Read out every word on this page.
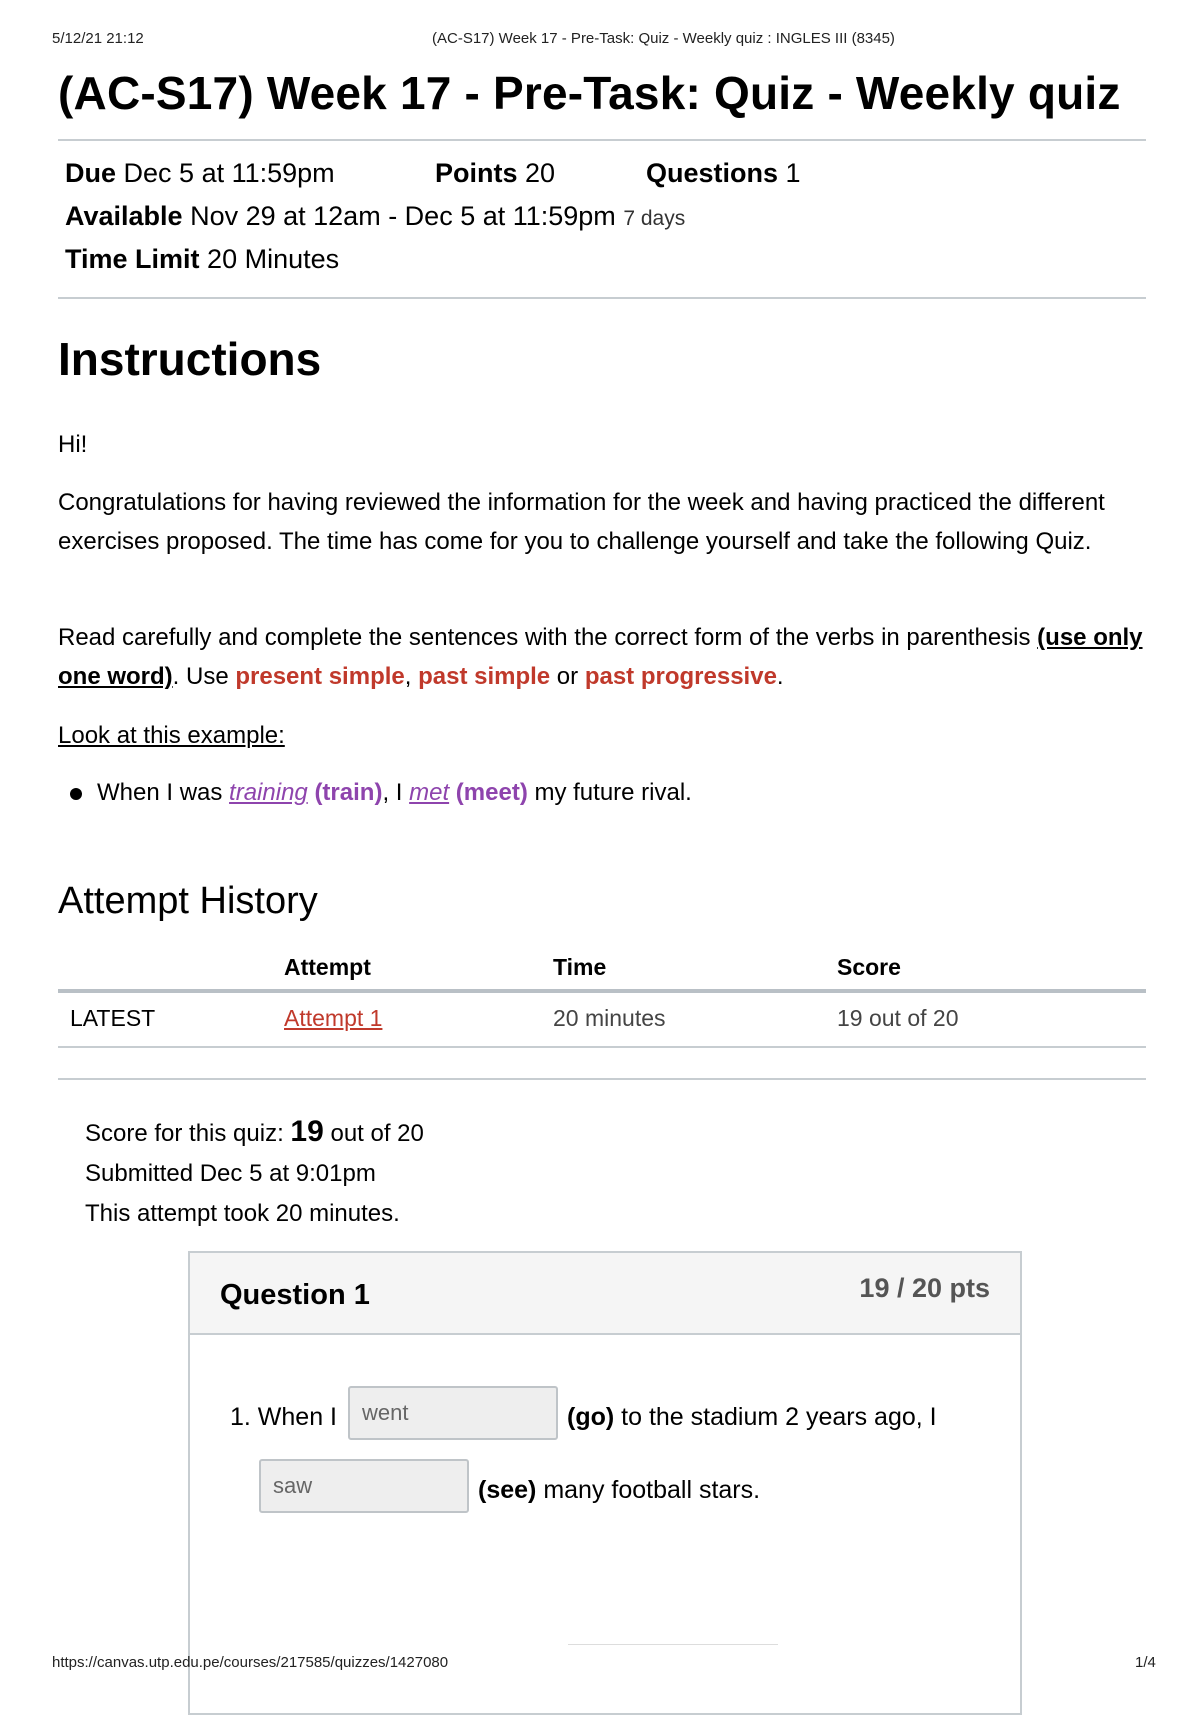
5/12/21 21:12	(AC-S17) Week 17 - Pre-Task: Quiz - Weekly quiz : INGLES III (8345)
(AC-S17) Week 17 - Pre-Task: Quiz - Weekly quiz
Due Dec 5 at 11:59pm	Points 20	Questions 1
Available Nov 29 at 12am - Dec 5 at 11:59pm 7 days
Time Limit 20 Minutes
Instructions
Hi!
Congratulations for having reviewed the information for the week and having practiced the different exercises proposed. The time has come for you to challenge yourself and take the following Quiz.
Read carefully and complete the sentences with the correct form of the verbs in parenthesis (use only one word). Use present simple, past simple or past progressive.
Look at this example:
When I was training (train), I met (meet) my future rival.
Attempt History
	Attempt	Time	Score
LATEST	Attempt 1	20 minutes	19 out of 20
Score for this quiz: 19 out of 20
Submitted Dec 5 at 9:01pm
This attempt took 20 minutes.
Question 1	19 / 20 pts
1. When I	went	(go) to the stadium 2 years ago, I
saw	(see) many football stars.
https://canvas.utp.edu.pe/courses/217585/quizzes/1427080	1/4
